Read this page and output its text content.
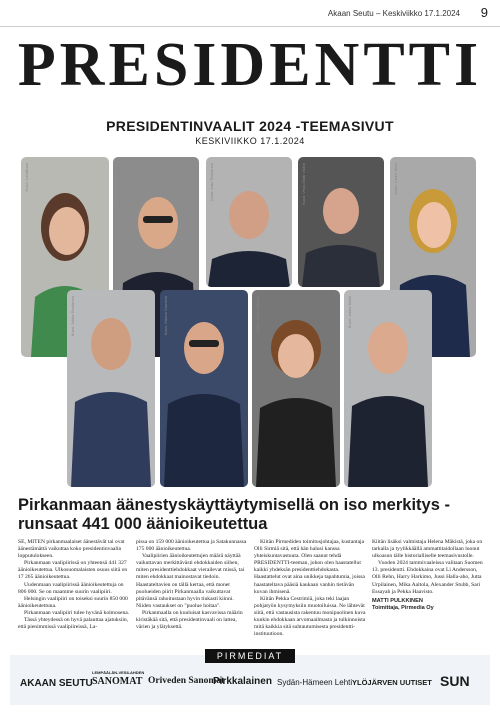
Akaan Seutu – Keskiviikko 17.1.2024 9
PRESIDENTTI
PRESIDENTINVAALIT 2024 -TEEMASIVUT
KESKIVIIKKO 17.1.2024
Kuva: Lehtikuva	Kuva: Tommi Kärkkäinen	Kuva: Aatu Rantanen	Kuva: Vesa-Matti Väärä	Kuva: Laura Vesa
Kuva: Jukka Rantanen	Kuva: Hanna Nurmela	Kuva: Sara Nurmela	Kuva: Jukka Kiiski
Pirkanmaan äänestyskäyttäytymisellä on iso merkitys - runsaat 441 000 äänioikeutettua

SE, MITEN pirkanmaalaiset äänestävät tai ovat äänestämättä vaikuttaa koko presidentinvaalin lopputulokseen.

Pirkanmaan vaalipiirissä on yhteensä 441 327 äänioikeutettua. Ulkosuomalaisten osuus siitä on 17 265 äänioikeutettua.

Uudenmaan vaalipiirissä äänioikeutettuja on 806 000. Se on maamme suurin vaalipiiri.

Helsingin vaalipiiri on toiseksi suurin 850 000 äänioikeutettuna.

Pirkanmaan vaalipiiri tulee hyvänä kolmosena.

Tässä yhteydessä on hyvä palauttaa ajatuksiin, että pienimmissä vaalipiireissä, La-

pissa on 159 000 äänioikeutettua ja Satakunnassa 175 000 äänioikeutettua.

Vaalipiirien äänioikeutettujen määrä näyttää vaikuttavan merkittävästi ehdokkaiden siihen, miten presidenttiehdokkaat vierailevat missä, tai miten ehdokkaat mainostavat tiedoin. Haastateltavien on tällä kertaa, että monet puolueiden piirit Pirkanmaalla vaikuttavat pitävänsä rahoitustaan hyvin tiukasti kiinni. Niiden vastaukset on "puolue hoitaa".

Pirkanmaalla on kuuluisat kasvavissa määrin kiristäkää sitä, että presidentinvaali on lattea, värien ja ylätyksettä.

Kiitän Pirmediden toimitusjohtajaa, kustantaja Olli Sirmiä sitä, että hän halusi kanssa yhteiskuntavastuuta. Olen saanut tehdä PRESIDENTTI-teeman, johon olen haastatellut kaikki yhdeksän presidenttiehdokasta. Haastattelut ovat aina unikkeja tapahtumia, joissa haastateltava pääsiä kaukaan vanhin tietävän kuvan ihmisenä.

Kiitän Pekka Cestrimiä, joka teki laajan pohjatyön kysymyksiin muotoiluissa. Ne lähtevät siitä, että vastausista rakentuu monipuolinen kuva kunkin ehdokkaan arvomaailmasta ja tulkinnoista mitä kaikkia sitä suhtautumisesta presidentti-instituutioon.

Kiitän lisäksi valmistaja Helena Mäkistä, joka on tarkalla ja tyylikkäällä ammattitaidollaan luonut ulkoasun tälle historialliselle teemasivustolle.

Vuoden 2024 tammivaaleissa valitaan Suomen 13. presidentti. Ehdokkaina ovat Li Andersson, Olli Rehn, Harry Harkimo, Jussi Halla-aho, Jutta Urpilainen, Mika Aaltola, Alexander Stubb, Sari Essayah ja Pekka Haavisto.

MATTI PULKKINEN

Toimittaja, Pirmedia Oy

PIRMEDIAT
AKAAN SEUTU
LEMPÄÄLÄN-VESILAHDEN
SANOMAT Oriveden Sanomat
Pirkkalainen Sydän-Hämeen Lehti YLÖJÄRVEN UUTISET SUN
